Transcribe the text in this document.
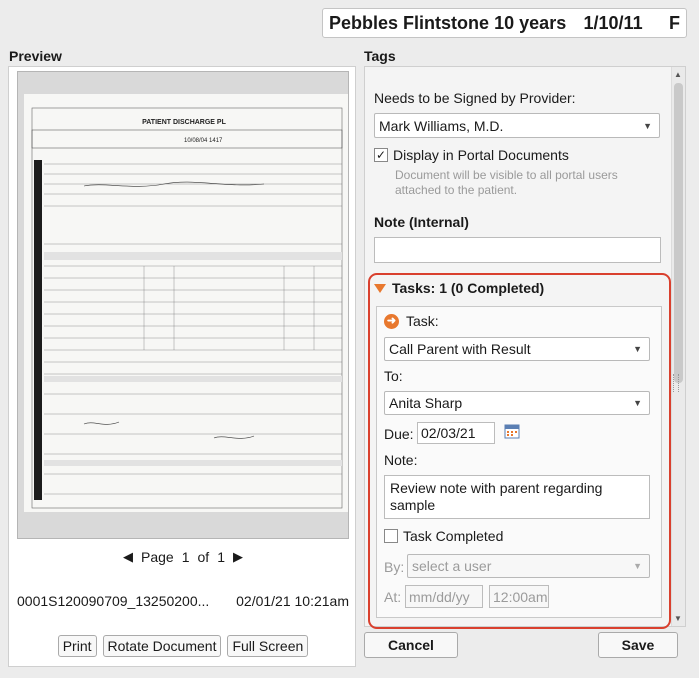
Pebbles Flintstone 10 years 1/10/11	F
Preview	Tags
PATIENT DISCHARGE PL
10/08/04 1417
◀ Page 1 of 1 ▶
0001S120090709_13250200... 02/01/21 10:21am
Print	Rotate Document	Full Screen
▲
▼
Needs to be Signed by Provider:
Mark Williams, M.D.	▼
✓ Display in Portal Documents
Document will be visible to all portal users attached to the patient.
Note (Internal)
Tasks: 1 (0 Completed)
➜ Task:
Call Parent with Result	▼
To:
Anita Sharp	▼
Due: 02/03/21
Note:
Review note with parent regarding sample
Task Completed
By: select a user	▼
At: mm/dd/yy	12:00am
Cancel	Save
